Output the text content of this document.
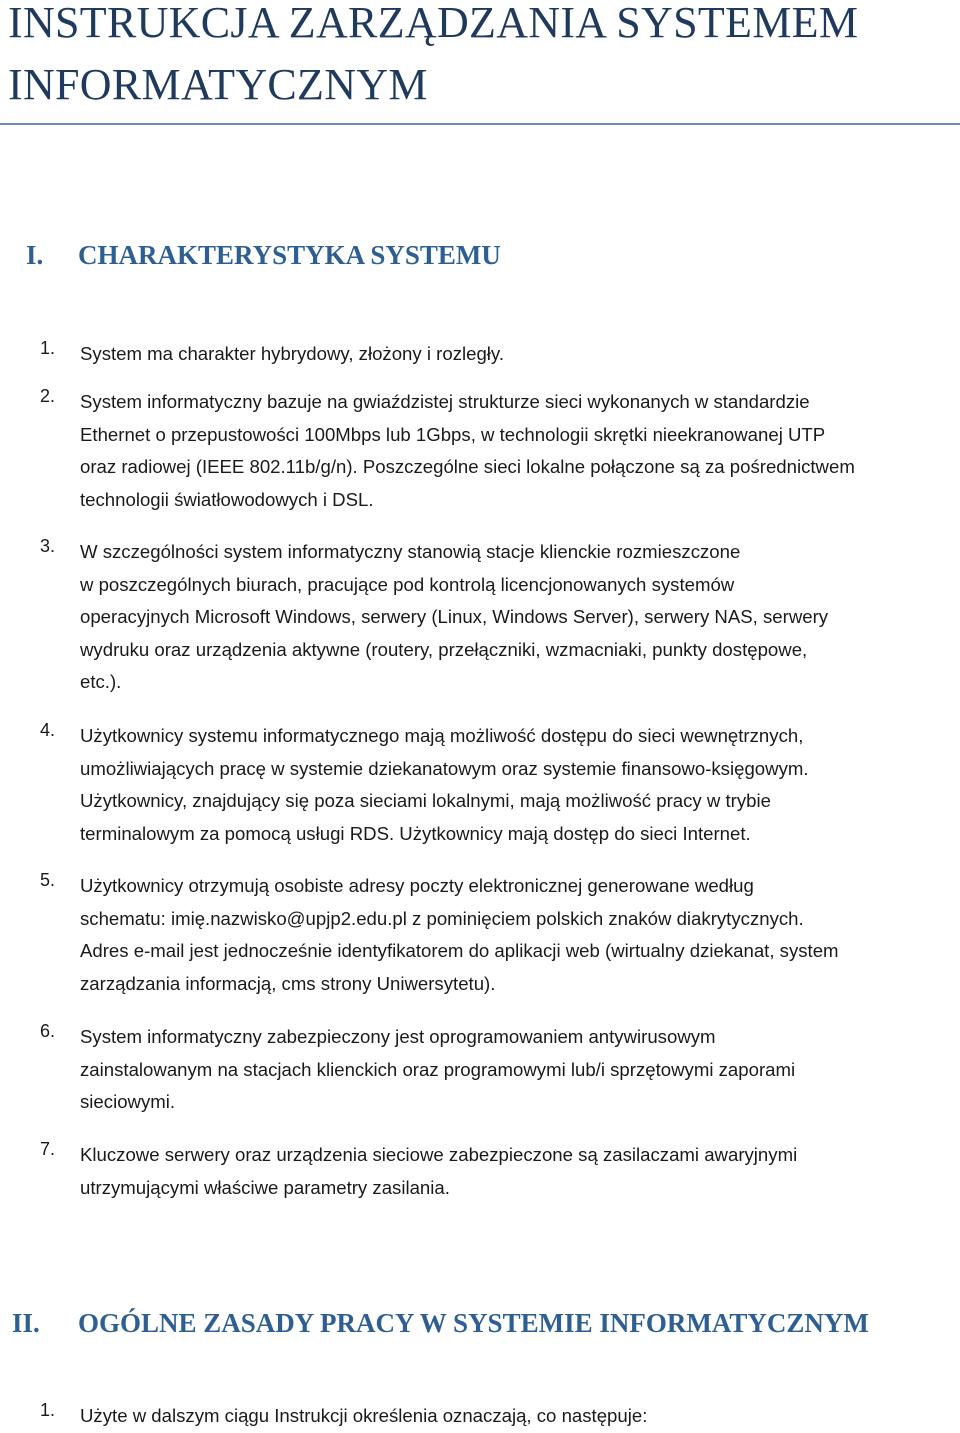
INSTRUKCJA ZARZĄDZANIA SYSTEMEM
INFORMATYCZNYM
I. CHARAKTERYSTYKA SYSTEMU
1. System ma charakter hybrydowy, złożony i rozległy.
2. System informatyczny bazuje na gwiaździstej strukturze sieci wykonanych w standardzie
Ethernet o przepustowości 100Mbps lub 1Gbps, w technologii skrętki nieekranowanej UTP
oraz radiowej (IEEE 802.11b/g/n). Poszczególne sieci lokalne połączone są za pośrednictwem
technologii światłowodowych i DSL.
3. W szczególności system informatyczny stanowią stacje klienckie rozmieszczone
w poszczególnych biurach, pracujące pod kontrolą licencjonowanych systemów
operacyjnych Microsoft Windows, serwery (Linux, Windows Server), serwery NAS, serwery
wydruku oraz urządzenia aktywne (routery, przełączniki, wzmacniaki, punkty dostępowe,
etc.).
4. Użytkownicy systemu informatycznego mają możliwość dostępu do sieci wewnętrznych,
umożliwiających pracę w systemie dziekanatowym oraz systemie finansowo-księgowym.
Użytkownicy, znajdujący się poza sieciami lokalnymi, mają możliwość pracy w trybie
terminalowym za pomocą usługi RDS. Użytkownicy mają dostęp do sieci Internet.
5. Użytkownicy otrzymują osobiste adresy poczty elektronicznej generowane według
schematu: imię.nazwisko@upjp2.edu.pl z pominięciem polskich znaków diakrytycznych.
Adres e-mail jest jednocześnie identyfikatorem do aplikacji web (wirtualny dziekanat, system
zarządzania informacją, cms strony Uniwersytetu).
6. System informatyczny zabezpieczony jest oprogramowaniem antywirusowym
zainstalowanym na stacjach klienckich oraz programowymi lub/i sprzętowymi zaporami
sieciowymi.
7. Kluczowe serwery oraz urządzenia sieciowe zabezpieczone są zasilaczami awaryjnymi
utrzymującymi właściwe parametry zasilania.
II. OGÓLNE ZASADY PRACY W SYSTEMIE INFORMATYCZNYM
1. Użyte w dalszym ciągu Instrukcji określenia oznaczają, co następuje:
